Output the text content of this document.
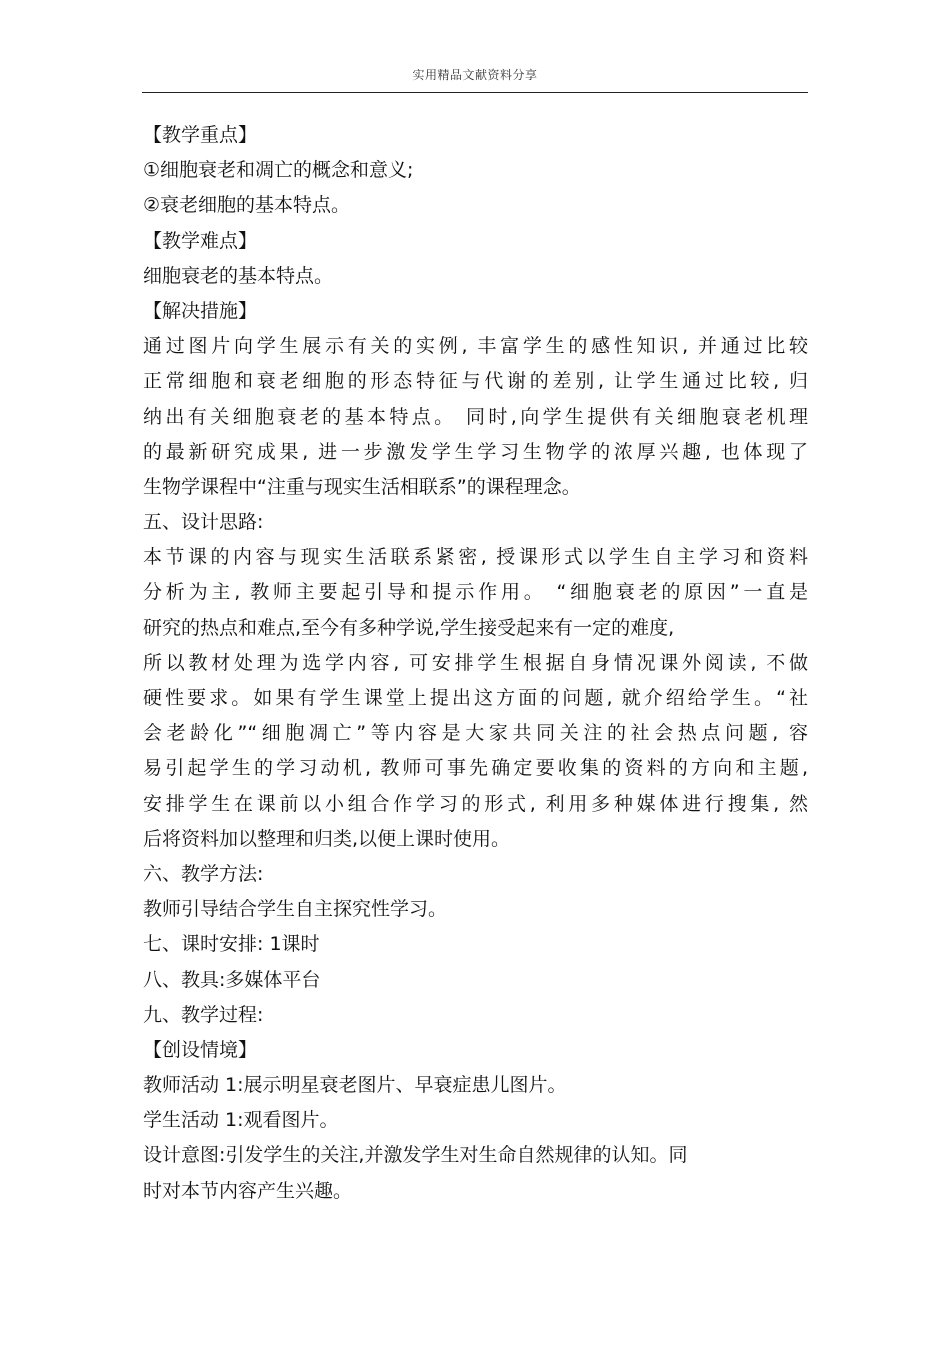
实用精品文献资料分享
【教学重点】
①细胞衰老和凋亡的概念和意义;
②衰老细胞的基本特点。
【教学难点】
细胞衰老的基本特点。
【解决措施】
通过图片向学生展示有关的实例, 丰富学生的感性知识, 并通过比较
正常细胞和衰老细胞的形态特征与代谢的差别, 让学生通过比较, 归
纳出有关细胞衰老的基本特点。 同时,向学生提供有关细胞衰老机理
的最新研究成果, 进一步激发学生学习生物学的浓厚兴趣, 也体现了
生物学课程中“注重与现实生活相联系”的课程理念。
五、设计思路:
本节课的内容与现实生活联系紧密, 授课形式以学生自主学习和资料
分析为主, 教师主要起引导和提示作用。 “细胞衰老的原因”一直是
研究的热点和难点,至今有多种学说,学生接受起来有一定的难度,
所以教材处理为选学内容, 可安排学生根据自身情况课外阅读, 不做
硬性要求。如果有学生课堂上提出这方面的问题, 就介绍给学生。“社
会老龄化”“细胞凋亡”等内容是大家共同关注的社会热点问题, 容
易引起学生的学习动机, 教师可事先确定要收集的资料的方向和主题,
安排学生在课前以小组合作学习的形式, 利用多种媒体进行搜集, 然
后将资料加以整理和归类,以便上课时使用。
六、教学方法:
教师引导结合学生自主探究性学习。
七、课时安排: 1课时
八、教具:多媒体平台
九、教学过程:
【创设情境】
教师活动 1:展示明星衰老图片、早衰症患儿图片。
学生活动 1:观看图片。
设计意图:引发学生的关注,并激发学生对生命自然规律的认知。同
时对本节内容产生兴趣。
